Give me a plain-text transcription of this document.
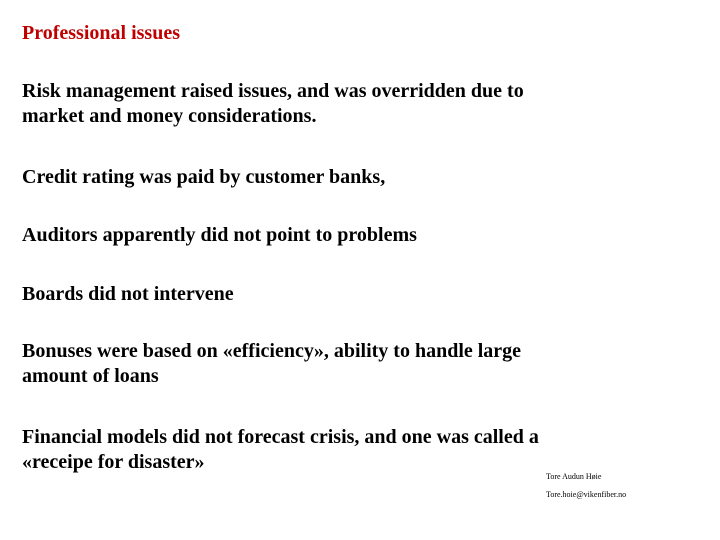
Professional issues
Risk management raised issues, and was overridden due to
market and money considerations.
Credit rating was paid by customer banks,
Auditors apparently did not point to problems
Boards did not intervene
Bonuses were based on «efficiency», ability to handle large
amount of loans
Financial models did not forecast crisis, and one was called a
«receipe for disaster»
Tore Audun Høie
Tore.hoie@vikenfiber.no
